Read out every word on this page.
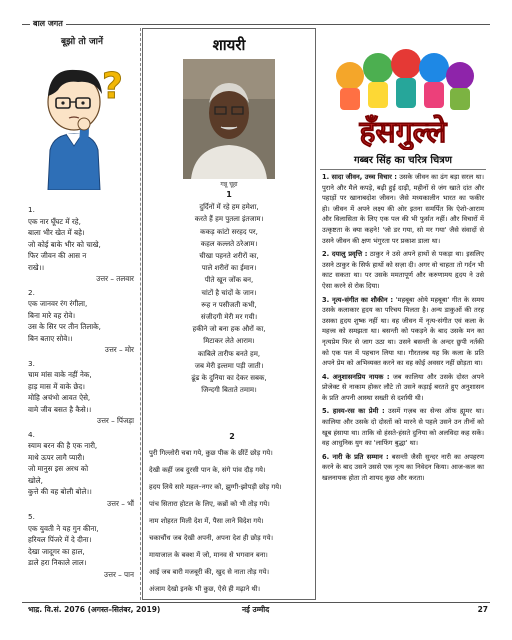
बाल जगत
बूझो तो जानें
?
1.
एक नार घूँघट में रहे,
बाला भीर खेत में बहे।
जो कोई बाके भीर को चाखे,
फिर जीवन की आस न
राखे।।
उत्तर – तलवार
2.
एक जानवर रंग रंगीला,
बिना मारे वह रोवे।
उस के सिर पर तीन तिलाके,
बिन बताए सोवे।।
उत्तर – मोर
3.
चाम मांस वाके नहीं नेक,
हाड़ मास में वाके छेद।
मोहि अचंभो आवत ऐसे,
वामे जीव बसत है कैसे।।
उत्तर – पिंजड़ा
4.
स्याम बरन की है एक नारी,
माथे ऊपर लागै प्यारी।
जो मानुस इस अरथ को
खोले,
कुत्ते की वह बोली बोले।।
उत्तर – भौं
5.
एक युवती ने यह गुन कीना,
हरियल पिंजरे में दे दीना।
देखा जादूगर का हाल,
डाले हरा निकाले लाल।
उत्तर – पान
शायरी
गन्नू चूहा
1
दुर्दिनों में रहे हम हमेशा,
करते हैं हम पुतला इंतजाम।
ककड़ कांटो सरहद पर,
कहल कल्लते ठरेआम।
चीखा पहनते शरीरों का,
पाले शरीरों का ईमान।
पीते खून जोंक बन,
चांटों है चांदों के जान।
रूह न पसीजती कभी,
संजीदगी मेरी मर गयी।
हकीने जो बना हक औरों का,
मिटाकर लेते आराम।
काबिले तारीफ बनते हम,
जब मेरी इल्तमा पड़ी जाती।
ढूंढ के दुनिया का देकर सबक,
जिन्दगी बिताते तमाम।
2
पुरी गिल्लोरी चबा गये, कुछ पीक के छींटें छोड़ गये।
देखी कहीं जब दुरसी पान के, संगे पांव दौड़ गये।
हदय लिये सारे महल–नगर को, झुग्गी-झोपड़ी छोड़ गये।
पांच सितारा होटल के लिए, कब्रों को भी तोड़ गये।
नाम शोहरत मिली देश में, पैसा लाने विदेश गये।
चकाचौंध जब देखी अपनी, अपना देश ही छोड़ गये।
मायाजाल के बक्श में जो, मानव से भगवान बना।
आई जब बारी मजबूरी की, खुद से नाता तोड़ गये।
अंजाम देखो इनके भी कुछ, ऐसे ही मढ़ाने थी।
हँसगुल्ले
गब्बर सिंह का चरित्र चित्रण

1. सादा जीवन, उच्च विचार : उसके जीवन का ढंग बड़ा सरल था। पुराने और मैले कपड़े, बढ़ी हुई दाढ़ी, महीनों से जंग खाते दांत और पहाड़ों पर खानाबदोश जीवन। जैसे मध्यकालीन भारत का फकीर हो। जीवन में अपने लक्ष्य की ओर इतना समर्पित कि ऐशो-आराम और विलासिता के लिए एक पल की भी फुर्सत नहीं। और विचारों में उत्कृष्टता के क्या कहने! 'जो डर गया, सो मर गया' जैसे संवादों से उसने जीवन की क्षण भंगुरता पर प्रकाश डाला था।

2. दयालु प्रवृत्ति : ठाकुर ने उसे अपने हाथों से पकड़ा था। इसलिए उसने ठाकुर के सिर्फ हाथों को सज़ा दी। अगर वो चाहता तो गर्दन भी काट सकता था। पर उसके ममतापूर्ण और करुणामय हृदय ने उसे ऐसा करने से रोक दिया।

3. नृत्य-संगीत का शौकीन : 'महबूबा ओये महबूबा' गीत के समय उसके कलाकार हृदय का परिचय मिलता है। अन्य डाकुओं की तरह उसका हृदय शुष्क नहीं था। वह जीवन में नृत्य-संगीत एवं कला के महत्त्व को समझता था। बसन्ती को पकड़ने के बाद उसके मन का नृत्यप्रेम फिर से जाग उठा था। उसने बसन्ती के अन्दर छुपी नर्तकी को एक पल में पहचान लिया था। गौरतलब यह कि कला के प्रति अपने प्रेम को अभिव्यक्त करने का वह कोई अवसर नहीं छोड़ता था।

4. अनुशासनप्रिय नायक : जब कालिया और उसके दोस्त अपने प्रोजेक्ट से नाकाम होकर लौटे तो उसने कड़ाई बरतते हुए अनुशासन के प्रति अपनी आस्था सख्ती से दर्शायी थी।

5. हास्य-रस का प्रेमी : उसमें गज़ब का सेन्स ऑफ ह्यूमर था। कालिया और उसके दो दोस्तों को मारने से पहले उसने उन तीनों को खूब हंसाया था। ताकि वो हंसते-हंसते दुनिया को अलविदा कह सकें। वह आधुनिक युग का 'लाफिंग बुद्धा' था।

6. नारी के प्रति सम्मान : बसन्ती जैसी सुन्दर नारी का अपहरण करने के बाद उसने उससे एक नृत्य का निवेदन किया। आज-कल का खलनायक होता तो शायद कुछ और करता।

भाद्र. वि.सं. 2076 (अगस्त–सितंबर, 2019)	नई उम्मीद	27
